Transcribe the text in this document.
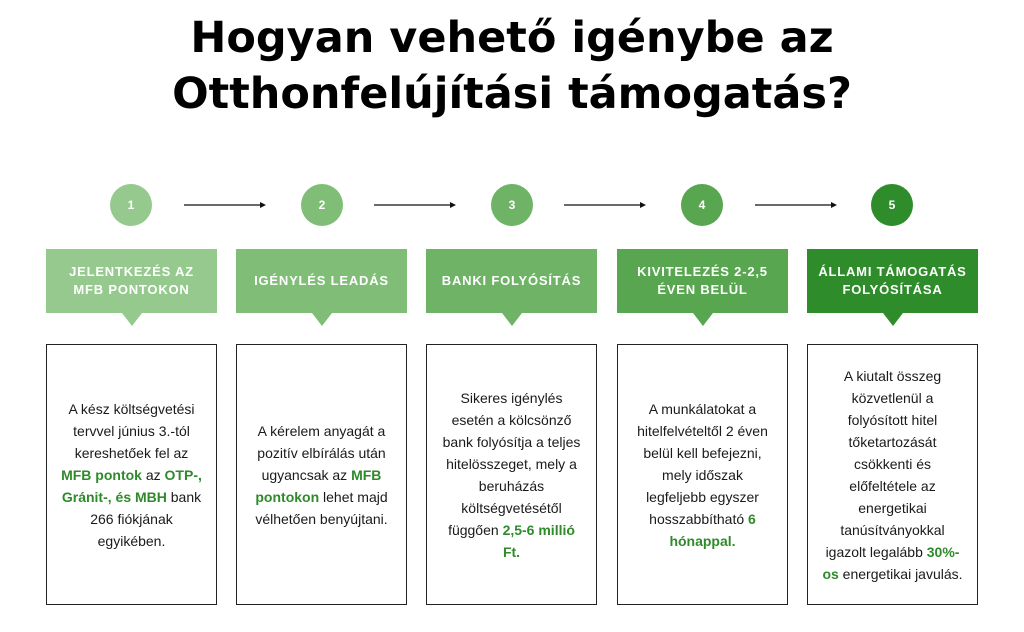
Hogyan vehető igénybe az
Otthonfelújítási támogatás?
1
JELENTKEZÉS AZ MFB PONTOKON

A kész költségvetési tervvel június 3.-tól kereshetőek fel az MFB pontok az OTP-, Gránit-, és MBH bank 266 fiókjának egyikében.

2
IGÉNYLÉS LEADÁS

A kérelem anyagát a pozitív elbírálás után ugyancsak az MFB pontokon lehet majd vélhetően benyújtani.

3
BANKI FOLYÓSÍTÁS

Sikeres igénylés esetén a kölcsönző bank folyósítja a teljes hitelösszeget, mely a beruházás költségvetésétől függően 2,5-6 millió Ft.

4
KIVITELEZÉS 2-2,5 ÉVEN BELÜL

A munkálatokat a hitelfelvételtől 2 éven belül kell befejezni, mely időszak legfeljebb egyszer hosszabbítható 6 hónappal.

5
ÁLLAMI TÁMOGATÁS FOLYÓSÍTÁSA

A kiutalt összeg közvetlenül a folyósított hitel tőketartozását csökkenti és előfeltétele az energetikai tanúsítványokkal igazolt legalább 30%-os energetikai javulás.
